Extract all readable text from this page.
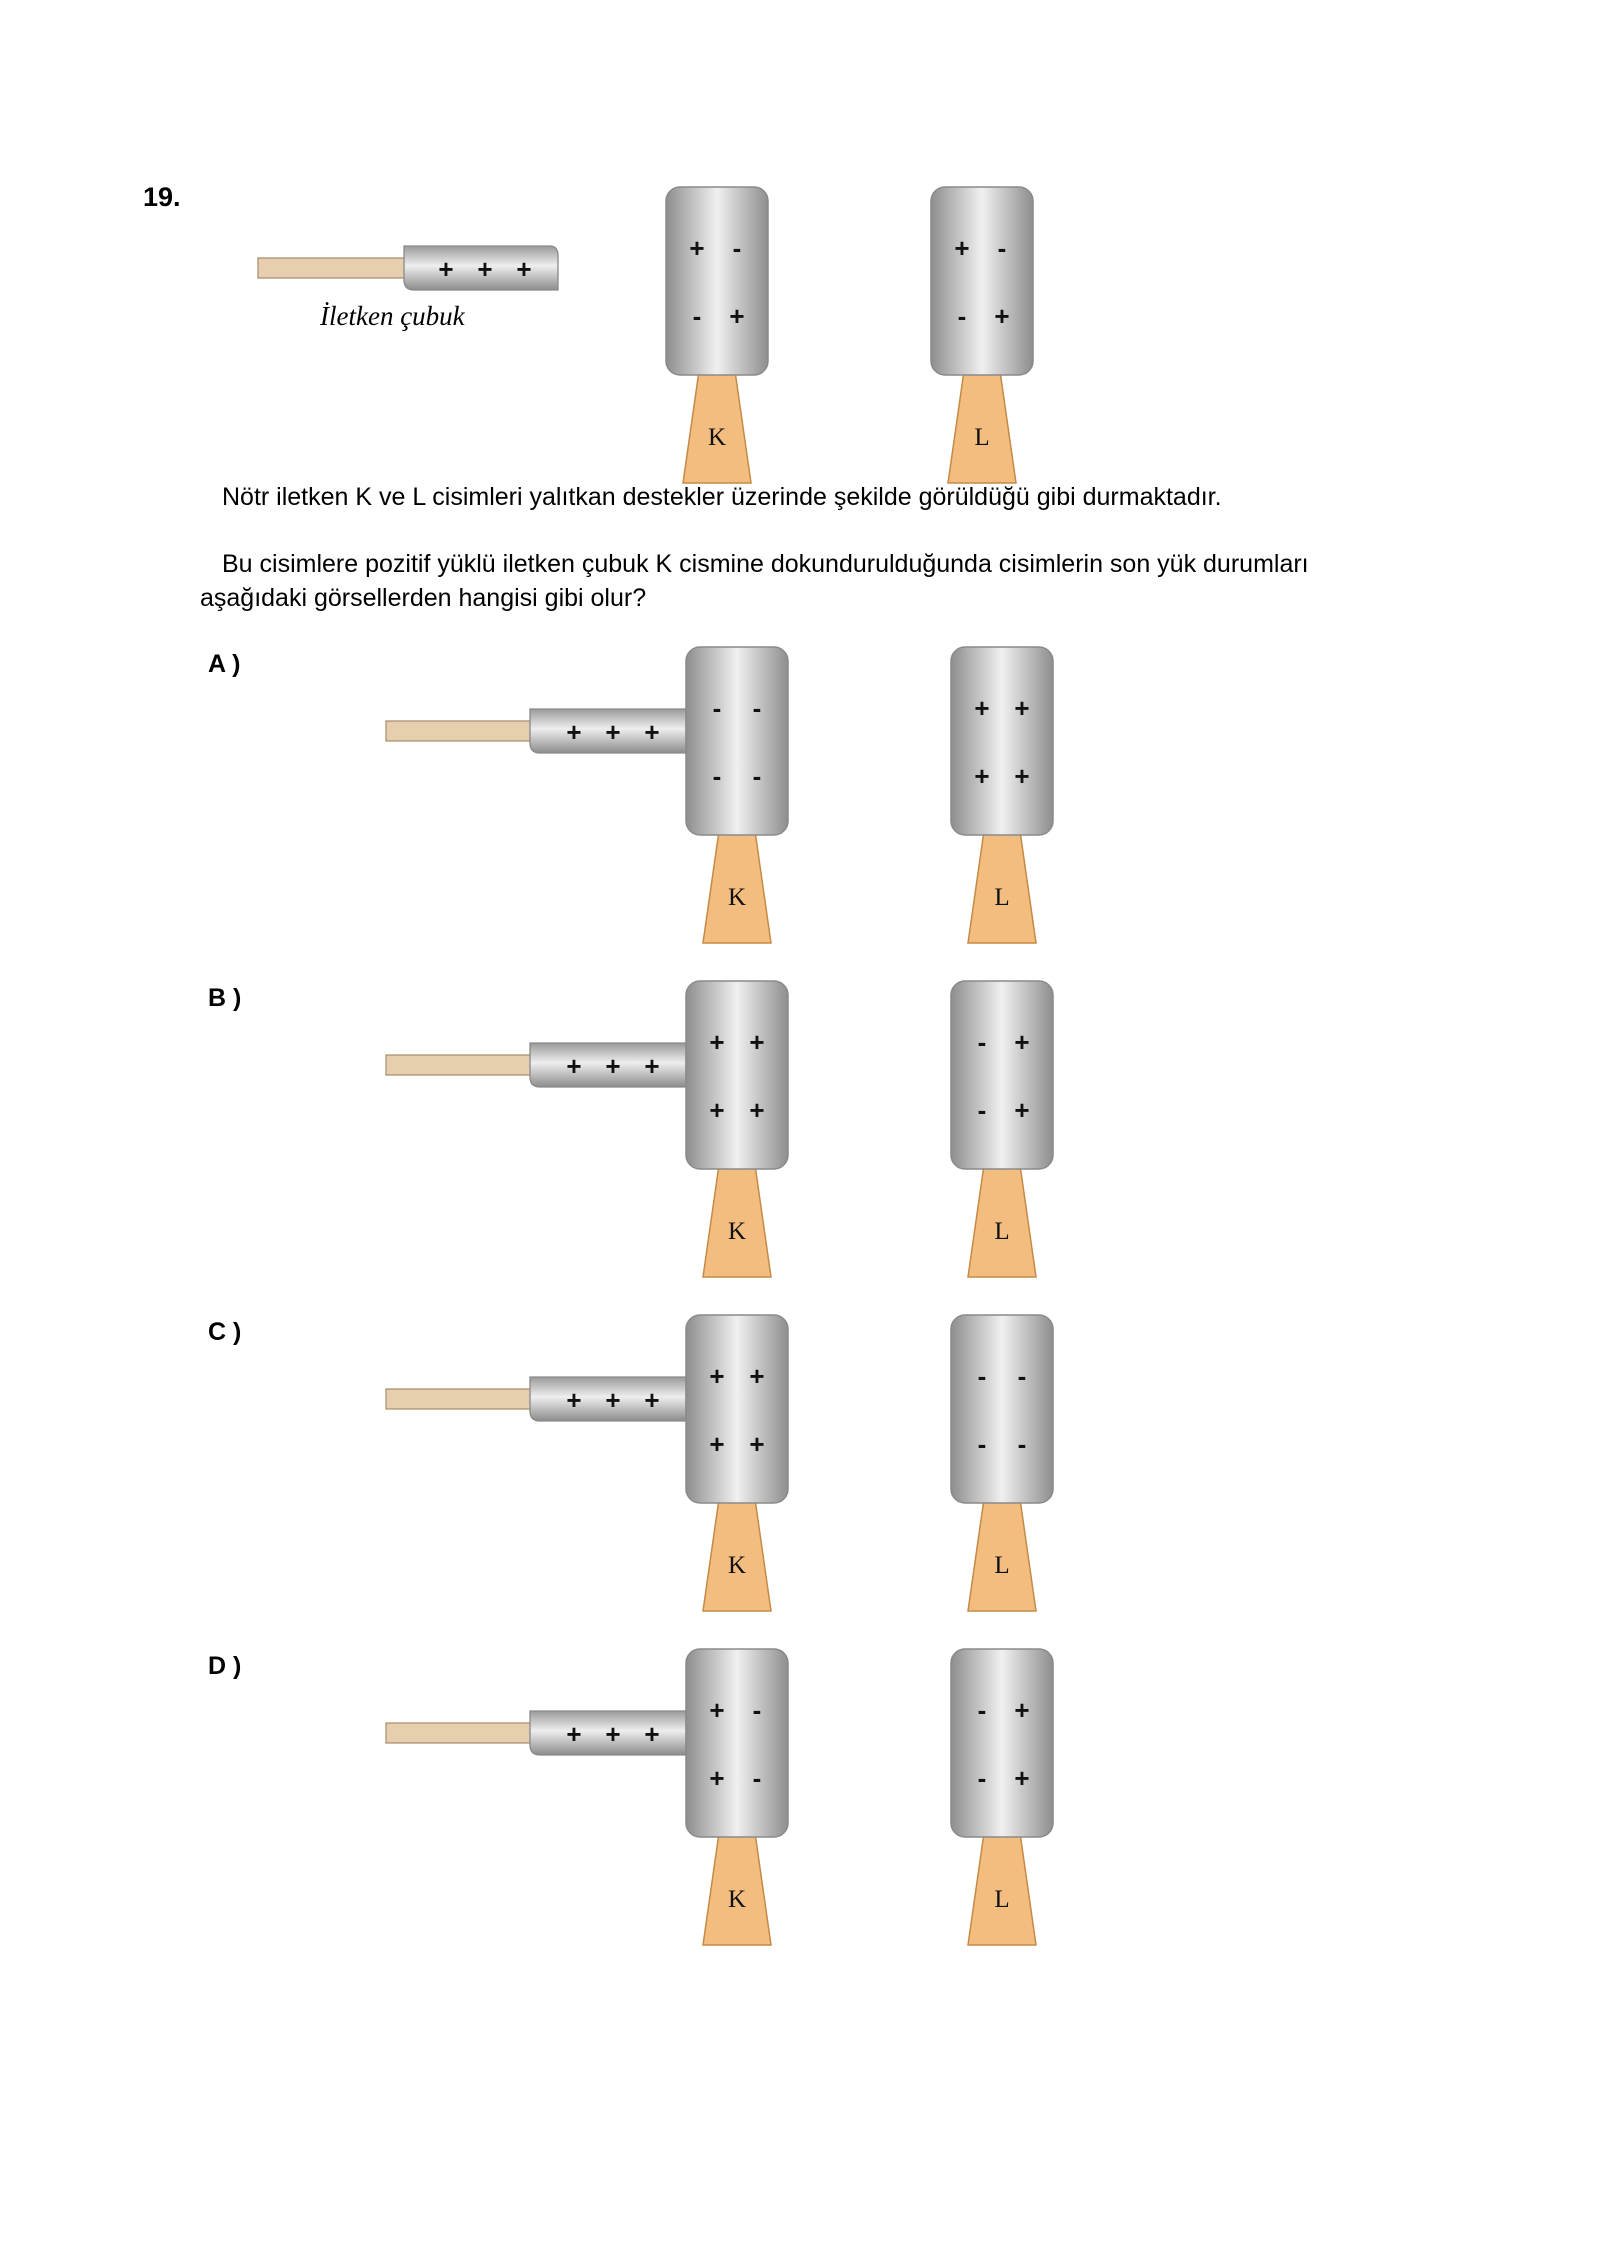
19.
İletken çubuk
Nötr iletken K ve L cisimleri yalıtkan destekler üzerinde şekilde görüldüğü gibi durmaktadır.
Bu cisimlere pozitif yüklü iletken çubuk K cismine dokundurulduğunda cisimlerin son yük durumları
aşağıdaki görsellerden hangisi gibi olur?
A )
B )
C )
D )
+ + +
+ -
- +
K
+ -
- +
L
+ + +
- -
- -
K
+ +
+ +
L
+ + +
+ +
+ +
K
- +
- +
L
+ + +
+ +
+ +
K
- -
- -
L
+ + +
+ -
+ -
K
- +
- +
L
